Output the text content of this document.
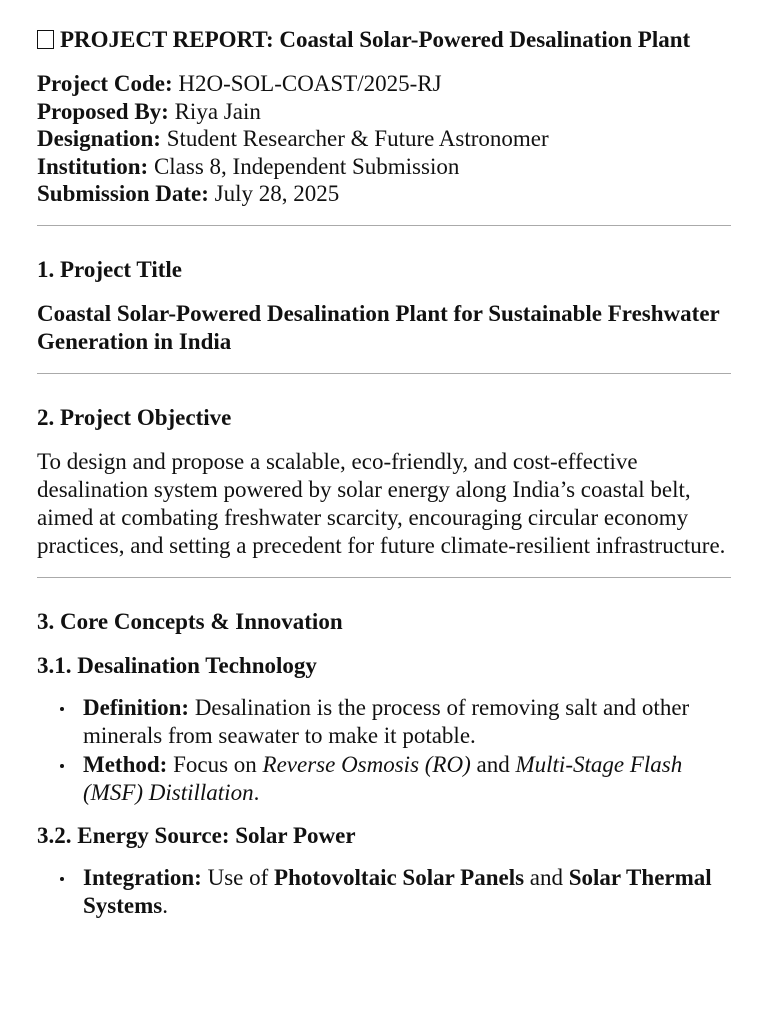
PROJECT REPORT: Coastal Solar-Powered Desalination Plant

Project Code: H2O-SOL-COAST/2025-RJ

Proposed By: Riya Jain

Designation: Student Researcher & Future Astronomer

Institution: Class 8, Independent Submission

Submission Date: July 28, 2025

1. Project Title

Coastal Solar-Powered Desalination Plant for Sustainable Freshwater Generation in India

2. Project Objective

To design and propose a scalable, eco-friendly, and cost-effective desalination system powered by solar energy along India’s coastal belt, aimed at combating freshwater scarcity, encouraging circular economy practices, and setting a precedent for future climate-resilient infrastructure.

3. Core Concepts & Innovation
3.1. Desalination Technology
Definition: Desalination is the process of removing salt and other minerals from seawater to make it potable.
Method: Focus on Reverse Osmosis (RO) and Multi-Stage Flash (MSF) Distillation.
3.2. Energy Source: Solar Power
Integration: Use of Photovoltaic Solar Panels and Solar Thermal Systems.
